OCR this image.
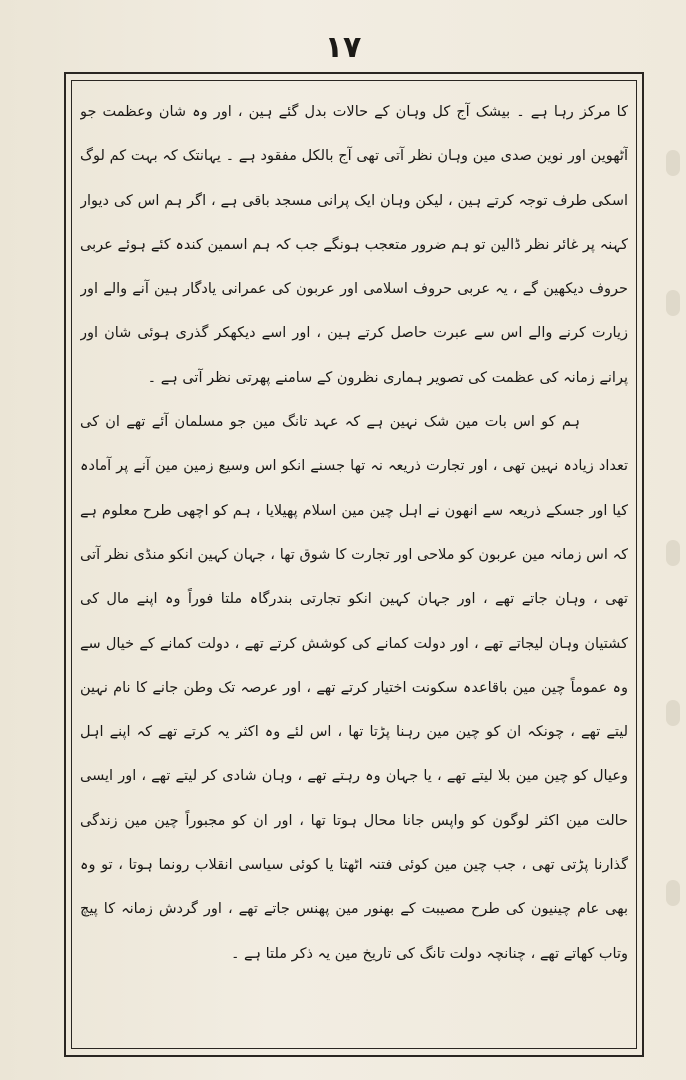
۱۷

کا مرکز رہا ہے ۔ بیشک آج کل وہان کے حالات بدل گئے ہین ، اور وہ شان وعظمت جو آٹھوین اور نوین صدی مین وہان نظر آتی تھی آج بالکل مفقود ہے ۔ یہانتک کہ بہت کم لوگ اسکی طرف توجہ کرتے ہین ، لیکن وہان ایک پرانی مسجد باقی ہے ، اگر ہم اس کی دیوار کہنہ پر غائر نظر ڈالین تو ہم ضرور متعجب ہونگے جب کہ ہم اسمین کندہ کئے ہوئے عربی حروف دیکھین گے ، یہ عربی حروف اسلامی اور عربون کی عمرانی یادگار ہین آنے والے اور زیارت کرنے والے اس سے عبرت حاصل کرتے ہین ، اور اسے دیکھکر گذری ہوئی شان اور پرانے زمانہ کی عظمت کی تصویر ہماری نظرون کے سامنے پھرتی نظر آتی ہے ۔

ہم کو اس بات مین شک نہین ہے کہ عہد تانگ مین جو مسلمان آئے تھے ان کی تعداد زیادہ نہین تھی ، اور تجارت ذریعہ نہ تھا جسنے انکو اس وسیع زمین مین آنے پر آمادہ کیا اور جسکے ذریعہ سے انھون نے اہل چین مین اسلام پھیلایا ، ہم کو اچھی طرح معلوم ہے کہ اس زمانہ مین عربون کو ملاحی اور تجارت کا شوق تھا ، جہان کہین انکو منڈی نظر آتی تھی ، وہان جاتے تھے ، اور جہان کہین انکو تجارتی بندرگاہ ملتا فوراً وہ اپنے مال کی کشتیان وہان لیجاتے تھے ، اور دولت کمانے کی کوشش کرتے تھے ، دولت کمانے کے خیال سے وہ عموماً چین مین باقاعدہ سکونت اختیار کرتے تھے ، اور عرصہ تک وطن جانے کا نام نہین لیتے تھے ، چونکہ ان کو چین مین رہنا پڑتا تھا ، اس لئے وہ اکثر یہ کرتے تھے کہ اپنے اہل وعیال کو چین مین بلا لیتے تھے ، یا جہان وہ رہتے تھے ، وہان شادی کر لیتے تھے ، اور ایسی حالت مین اکثر لوگون کو واپس جانا محال ہوتا تھا ، اور ان کو مجبوراً چین مین زندگی گذارنا پڑتی تھی ، جب چین مین کوئی فتنہ اٹھتا یا کوئی سیاسی انقلاب رونما ہوتا ، تو وہ بھی عام چینیون کی طرح مصیبت کے بھنور مین پھنس جاتے تھے ، اور گردش زمانہ کا پیچ وتاب کھاتے تھے ، چنانچہ دولت تانگ کی تاریخ مین یہ ذکر ملتا ہے ۔
